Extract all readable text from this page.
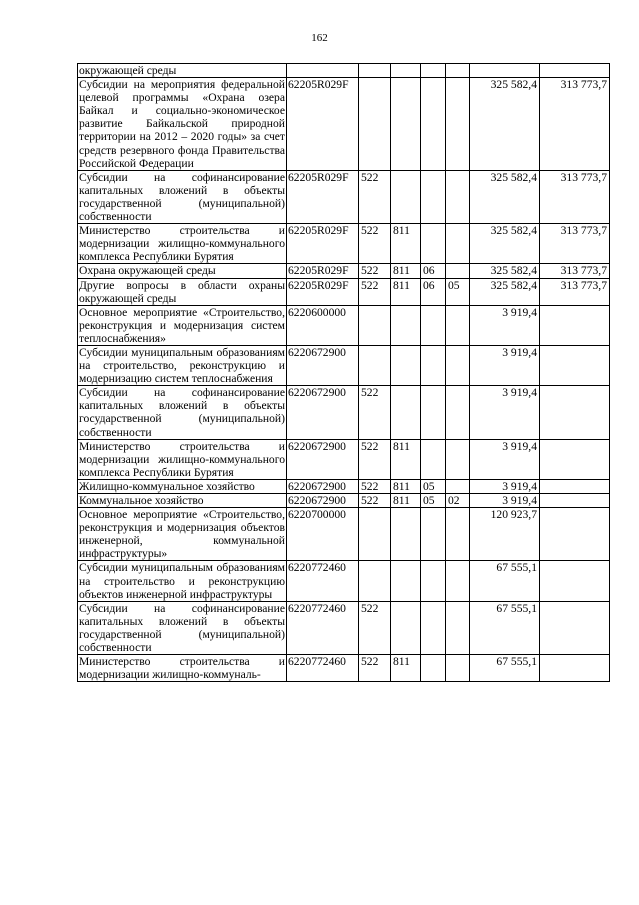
162
окружающей среды							
Субсидии на мероприятия федеральной целевой программы «Охрана озера Байкал и социально-экономическое развитие Байкальской природной территории на 2012 – 2020 годы» за счет средств резервного фонда Правительства Российской Федерации	62205R029F					325 582,4	313 773,7
Субсидии на софинансирование капитальных вложений в объекты государственной (муниципальной) собственности	62205R029F	522				325 582,4	313 773,7
Министерство строительства и модернизации жилищно-коммунального комплекса Республики Бурятия	62205R029F	522	811			325 582,4	313 773,7
Охрана окружающей среды	62205R029F	522	811	06		325 582,4	313 773,7
Другие вопросы в области охраны окружающей среды	62205R029F	522	811	06	05	325 582,4	313 773,7
Основное мероприятие «Строительство, реконструкция и модернизация систем теплоснабжения»	6220600000					3 919,4	
Субсидии муниципальным образованиям на строительство, реконструкцию и модернизацию систем теплоснабжения	6220672900					3 919,4	
Субсидии на софинансирование капитальных вложений в объекты государственной (муниципальной) собственности	6220672900	522				3 919,4	
Министерство строительства и модернизации жилищно-коммунального комплекса Республики Бурятия	6220672900	522	811			3 919,4	
Жилищно-коммунальное хозяйство	6220672900	522	811	05		3 919,4	
Коммунальное хозяйство	6220672900	522	811	05	02	3 919,4	
Основное мероприятие «Строительство, реконструкция и модернизация объектов инженерной, коммунальной инфраструктуры»	6220700000					120 923,7	
Субсидии муниципальным образованиям на строительство и реконструкцию объектов инженерной инфраструктуры	6220772460					67 555,1	
Субсидии на софинансирование капитальных вложений в объекты государственной (муниципальной) собственности	6220772460	522				67 555,1	
Министерство строительства и модернизации жилищно-коммуналь-	6220772460	522	811			67 555,1	
